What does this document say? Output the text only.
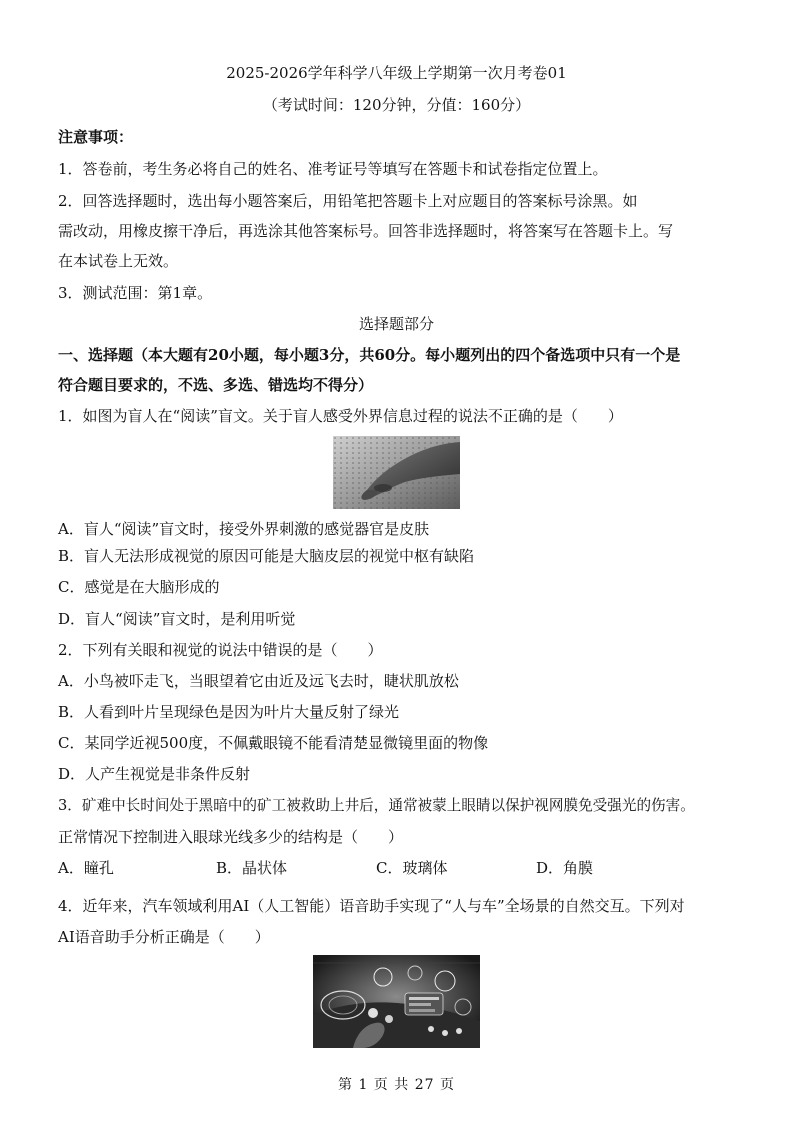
2025-2026学年科学八年级上学期第一次月考卷01
（考试时间：120分钟，分值：160分）
注意事项：
1．答卷前，考生务必将自己的姓名、准考证号等填写在答题卡和试卷指定位置上。
2．回答选择题时，选出每小题答案后，用铅笔把答题卡上对应题目的答案标号涂黑。如
需改动，用橡皮擦干净后，再选涂其他答案标号。回答非选择题时，将答案写在答题卡上。写
在本试卷上无效。
3．测试范围：第1章。
选择题部分
一、选择题（本大题有20小题，每小题3分，共60分。每小题列出的四个备选项中只有一个是
符合题目要求的，不选、多选、错选均不得分）
1．如图为盲人在“阅读”盲文。关于盲人感受外界信息过程的说法不正确的是（　　）
A．盲人“阅读”盲文时，接受外界刺激的感觉器官是皮肤
B．盲人无法形成视觉的原因可能是大脑皮层的视觉中枢有缺陷
C．感觉是在大脑形成的
D．盲人“阅读”盲文时，是利用听觉
2．下列有关眼和视觉的说法中错误的是（　　）
A．小鸟被吓走飞，当眼望着它由近及远飞去时，睫状肌放松
B．人看到叶片呈现绿色是因为叶片大量反射了绿光
C．某同学近视500度，不佩戴眼镜不能看清楚显微镜里面的物像
D．人产生视觉是非条件反射
3．矿难中长时间处于黑暗中的矿工被救助上井后，通常被蒙上眼睛以保护视网膜免受强光的伤害。
正常情况下控制进入眼球光线多少的结构是（　　）
A．瞳孔	B．晶状体	C．玻璃体	D．角膜
4．近年来，汽车领域利用AI（人工智能）语音助手实现了“人与车”全场景的自然交互。下列对
AI语音助手分析正确是（　　）
第 1 页 共 27 页
